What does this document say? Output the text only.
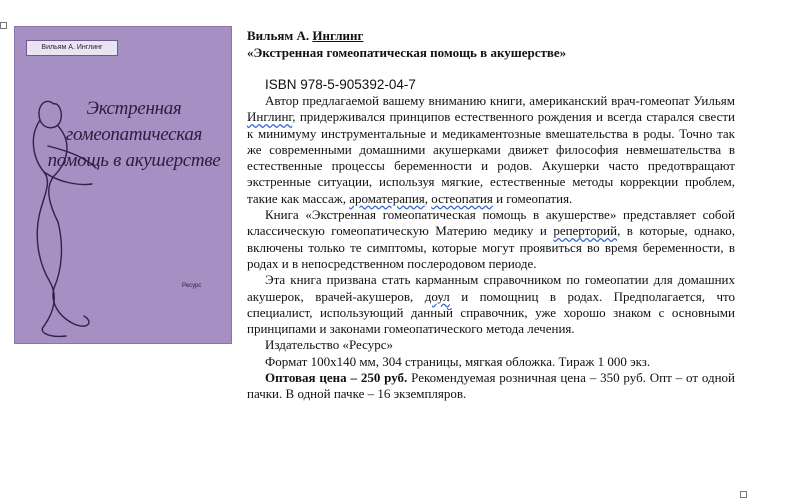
Вильям А. Инглинг
Экстренная гомеопатическая помощь в акушерстве
Ресурс
Вильям А. Инглинг
«Экстренная гомеопатическая помощь в акушерстве»
ISBN 978-5-905392-04-7

Автор предлагаемой вашему вниманию книги, американский врач-гомеопат Уильям Инглинг, придерживался принципов естественного рождения и всегда старался свести к минимуму инструментальные и медикаментозные вмешательства в роды. Точно так же современными домашними акушерками движет философия невмешательства в естественные процессы беременности и родов. Акушерки часто предотвращают экстренные ситуации, используя мягкие, естественные методы коррекции проблем, такие как массаж, ароматерапия, остеопатия и гомеопатия.

Книга «Экстренная гомеопатическая помощь в акушерстве» представляет собой классическую гомеопатическую Материю медику и реперторий, в которые, однако, включены только те симптомы, которые могут проявиться во время беременности, в родах и в непосредственном послеродовом периоде.

Эта книга призвана стать карманным справочником по гомеопатии для домашних акушерок, врачей-акушеров, доул и помощниц в родах. Предполагается, что специалист, использующий данный справочник, уже хорошо знаком с основными принципами и законами гомеопатического метода лечения.

Издательство «Ресурс»

Формат 100х140 мм, 304 страницы, мягкая обложка. Тираж 1 000 экз.

Оптовая цена – 250 руб. Рекомендуемая розничная цена – 350 руб. Опт – от одной пачки. В одной пачке – 16 экземпляров.
